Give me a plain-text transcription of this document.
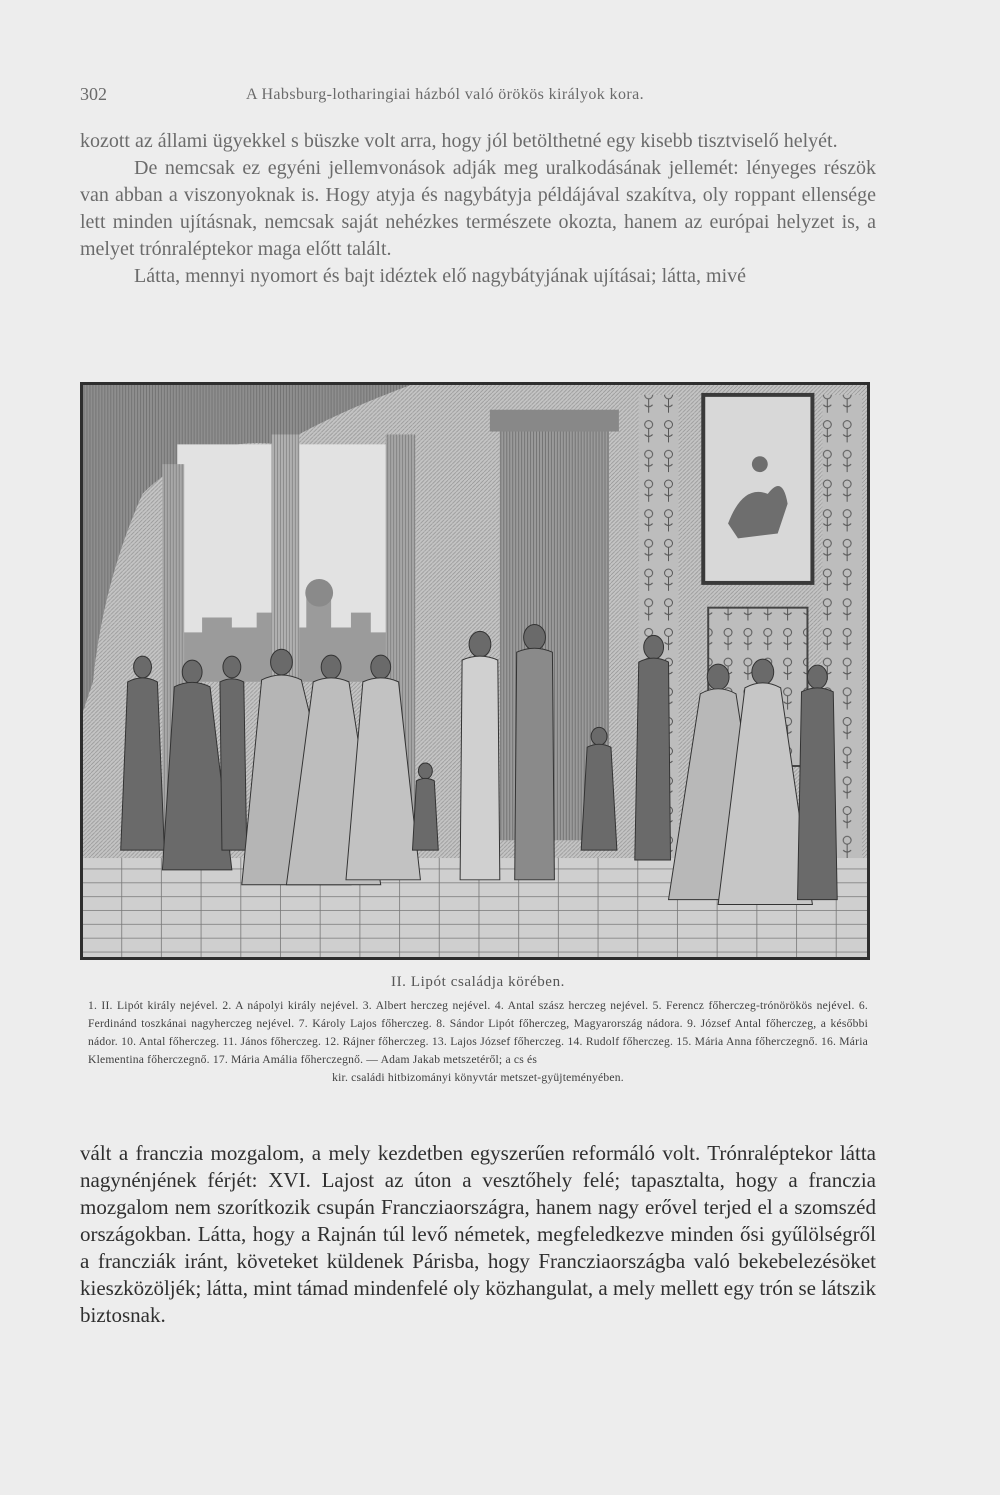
302	A Habsburg-lotharingiai házból való örökös királyok kora.
kozott az állami ügyekkel s büszke volt arra, hogy jól betölthetné egy kisebb tisztviselő helyét.
De nemcsak ez egyéni jellemvonások adják meg uralkodásának jellemét: lényeges részök van abban a viszonyoknak is. Hogy atyja és nagybátyja példájával szakítva, oly roppant ellensége lett minden ujításnak, nemcsak saját nehézkes természete okozta, hanem az európai helyzet is, a melyet trónraléptekor maga előtt talált.
Látta, mennyi nyomort és bajt idéztek elő nagybátyjának ujításai; látta, mivé
II. Lipót családja körében.
1. II. Lipót király nejével. 2. A nápolyi király nejével. 3. Albert herczeg nejével. 4. Antal szász herczeg nejével. 5. Ferencz főherczeg-trónörökös nejével. 6. Ferdinánd toszkánai nagyherczeg nejével. 7. Károly Lajos főherczeg. 8. Sándor Lipót főherczeg, Magyarország nádora. 9. József Antal főherczeg, a későbbi nádor. 10. Antal főherczeg. 11. János főherczeg. 12. Rájner főherczeg. 13. Lajos József főherczeg. 14. Rudolf főherczeg. 15. Mária Anna főherczegnő. 16. Mária Klementina főherczegnő. 17. Mária Amália főherczegnő. — Adam Jakab metszetéről; a cs és
kir. családi hitbizományi könyvtár metszet-gyüjteményében.
vált a franczia mozgalom, a mely kezdetben egyszerűen reformáló volt. Trónraléptekor látta nagynénjének férjét: XVI. Lajost az úton a vesztőhely felé; tapasztalta, hogy a franczia mozgalom nem szorítkozik csupán Francziaországra, hanem nagy erővel terjed el a szomszéd országokban. Látta, hogy a Rajnán túl levő németek, megfeledkezve minden ősi gyűlölségről a francziák iránt, követeket küldenek Párisba, hogy Francziaországba való bekebelezésöket kieszközöljék; látta, mint támad mindenfelé oly közhangulat, a mely mellett egy trón se látszik biztosnak.
